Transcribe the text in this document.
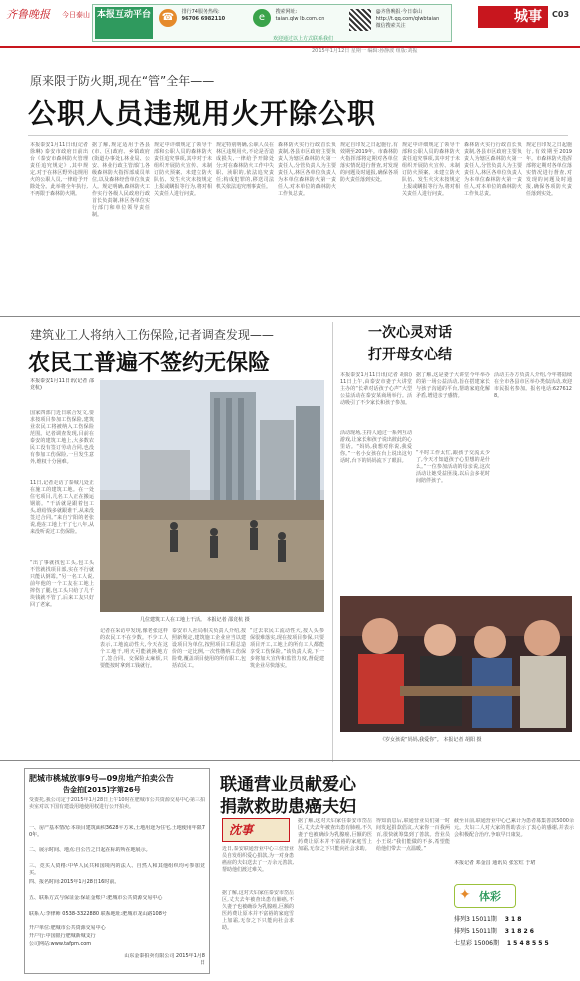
齐鲁晚报 今日泰山 本报互动平台 ☎ 排行74服务热线:
96706 6982110	e 搜索网址:
taian.qlw lb.com.cn
@齐鲁晚报·今日泰山
http://t.qq.com/qlwbtaian
微信搜索关注
欢迎通过以上方式联系我们
城事	C03
2015年1月12日 星期一 编辑:孙静波 组版:刘振
原来限于防火期,现在“管”全年——
公职人员违规用火开除公职
本报泰安1月11日讯(记者 徐琳) 泰安市政府日前出台《泰安市森林防火管理责任追究规定》,其中规定,对于在林区野外违规用火的公职人员,一律给予开除处分。此举将全年执行,不再限于森林防火期。
据了解,规定适用于各县(市、区)政府、乡镇政府(街道办事处),林业局、公安、林业行政主管部门,各级森林防火指挥部成员单位,以及森林经营单位负责人。规定明确,森林防火工作实行各级人民政府行政首长负责制,林区各单位实行部门和单位领导责任制。
规定中详细规定了领导干部和公职人员的森林防火责任追究事项,其中对于未组织开展防火宣传、未制订防火预案、未建立防火队伍、发生火灾未按规定上报或瞒报等行为,将对相关责任人进行问责。
规定特别明确,公职人员在林区违规用火,不论是否造成损失,一律给予开除处分;对在森林防火工作中失职、渎职的,依法追究责任;构成犯罪的,移送司法机关依法追究刑事责任。
森林防火实行行政首长负责制,各县市区政府主要负责人为辖区森林防火第一责任人,分管负责人为主要责任人,林区各单位负责人为本单位森林防火第一责任人,对本单位的森林防火工作负总责。
规定自印发之日起施行,有效期至2019年。市森林防火指挥部将定期对各单位落实情况进行督查,对发现的问题及时通报,确保各项防火责任落到实处。
规定中详细规定了领导干部和公职人员的森林防火责任追究事项,其中对于未组织开展防火宣传、未制订防火预案、未建立防火队伍、发生火灾未按规定上报或瞒报等行为,将对相关责任人进行问责。
森林防火实行行政首长负责制,各县市区政府主要负责人为辖区森林防火第一责任人,分管负责人为主要责任人,林区各单位负责人为本单位森林防火第一责任人,对本单位的森林防火工作负总责。
规定自印发之日起施行,有效期至2019年。市森林防火指挥部将定期对各单位落实情况进行督查,对发现的问题及时通报,确保各项防火责任落到实处。
建筑业工人将纳入工伤保险,记者调查发现——
农民工普遍不签约无保险
本报泰安1月11日讯(记者 邵竞杭)
国家四部门近日联合发文,要求按项目参加工伤保险,建筑业农民工将被纳入工伤保险范围。记者调查发现,目前在泰安的建筑工地上,大多数农民工没有签订劳动合同,也没有参加工伤保险,一旦发生意外,维权十分困难。
11日,记者走访了泰城几处正在施工的建筑工地。在一处住宅项目,几名工人正在搬运钢筋。“干活就是跟着包工头,谁给钱多就跟谁干,从来没签过合同。”来自宁阳的老张说,他在工地上干了七八年,从来没听说过工伤保险。
几位建筑工人在工地上干活。 本报记者 邵竞杭 摄
泰安市人社局相关负责人介绍,按照新规定,建筑施工企业应当以建设项目为单位,按照项目工程总造价的一定比例,一次性缴纳工伤保险费,覆盖项目使用的所有职工,包括农民工。
“过去农民工流动性大,按人头参保很难落实,现在按项目参保,只要项目开工,工地上的所有工人都能享受工伤保险。”该负责人说,下一步将加大宣传和监管力度,督促建筑企业尽快落实。
记者在采访中发现,像老张这样的农民工不在少数。不少工人表示,工地流动性大,今天在这个工地干,明天可能就换地方了,签合同、交保险太麻烦,只要能按时拿到工钱就行。
“出了事就找包工头,包工头不管就找项目部,实在不行就只能认倒霉。”另一名工人说,前年他的一个工友在工地上摔伤了腿,包工头只给了几千块钱就不管了,后来工友只好回了老家。
一次心灵对话
打开母女心结
本报泰安1月11日讯(记者 胡阳) 11日上午,由泰安市妻子大讲堂主办的“长辈对话孩子心声”大型公益活动在泰安某商场举行。活动吸引了不少家长和孩子参加。
活动现场,主持人通过一系列互动游戏,让家长和孩子说出彼此的心里话。“妈妈,我想对你说,我爱你。”一名小女孩在台上说出这句话时,台下的妈妈流下了眼泪。
据了解,这是妻子大讲堂今年举办的第一场公益活动,旨在搭建家长与孩子沟通的平台,帮助家庭化解矛盾,增进亲子感情。
“平时工作太忙,跟孩子交流太少了,今天才知道孩子心里想的是什么。”一位参加活动的母亲说,这次活动让她受益匪浅,以后会多花时间陪伴孩子。
活动主办方负责人介绍,今年将陆续在全市各县市区举办类似活动,欢迎市民报名参加。报名电话:6276128。
《岁女孩说“妈妈,我爱你”。 本报记者 胡阳 摄
肥城市桃城放事9号—09房地产拍卖公告
告金拍[2015]字第26号
受委托,我公司定于2015年1月28日上午10时在肥城市公共资源交易中心第三拍卖室对以下国有建设用地使用权进行公开拍卖。
一、房产基本情况:本项目建筑面积3628平方米,土地用途为住宅,土地使用年限70年。
二、展示时间、地点:自公告之日起在标的所在地展示。
三、竞买人资格:中华人民共和国境内的法人、自然人和其他组织均可参加竞买。
四、报名时间:2015年1月28日16时前。
五、联系方式与保证金:保证金账户:肥城市公共资源交易中心
联系人:李律师 0538-3322880 联系地址:肥城市龙山路108号
开户单位:肥城市公共资源交易中心
开户行:中国银行肥城新城支行
公司网站:www.tafpm.com
山东金泰拍卖有限公司 2015年1月8日
联通营业员献爱心
捐款救助患癌夫妇
沈事
近日,泰安联通营业中心三位营业员自发组织爱心捐款,为一对身患癌症的夫妇送去了一万余元善款,帮助他们渡过难关。
据了解,这对夫妇家住泰安市岱岳区,丈夫去年被查出患有肺癌,不久妻子也被确诊为乳腺癌,巨额的医药费让原本并不富裕的家庭雪上加霜,无奈之下只能向社会求助。
据了解,这对夫妇家住泰安市岱岳区,丈夫去年被查出患有肺癌,不久妻子也被确诊为乳腺癌,巨额的医药费让原本并不富裕的家庭雪上加霜,无奈之下只能向社会求助。
得知消息后,联通营业员们第一时间发起捐款倡议,大家你一百我两百,很快就筹集到了善款。营业员小王说:“我们能做的不多,希望能给他们带去一点温暖。”
截至目前,联通营业中心已累计为患者募集善款5000余元。夫妇二人对大家的帮助表示了衷心的感谢,并表示会积极配合治疗,争取早日康复。
本报记者 邓金昌 通讯员 张宏红 于珺
✦ 体彩
排列3 15011期 3 1 8
排列5 15011期 3 1 8 2 6
七星彩 15006期 1 5 4 8 5 5 5
